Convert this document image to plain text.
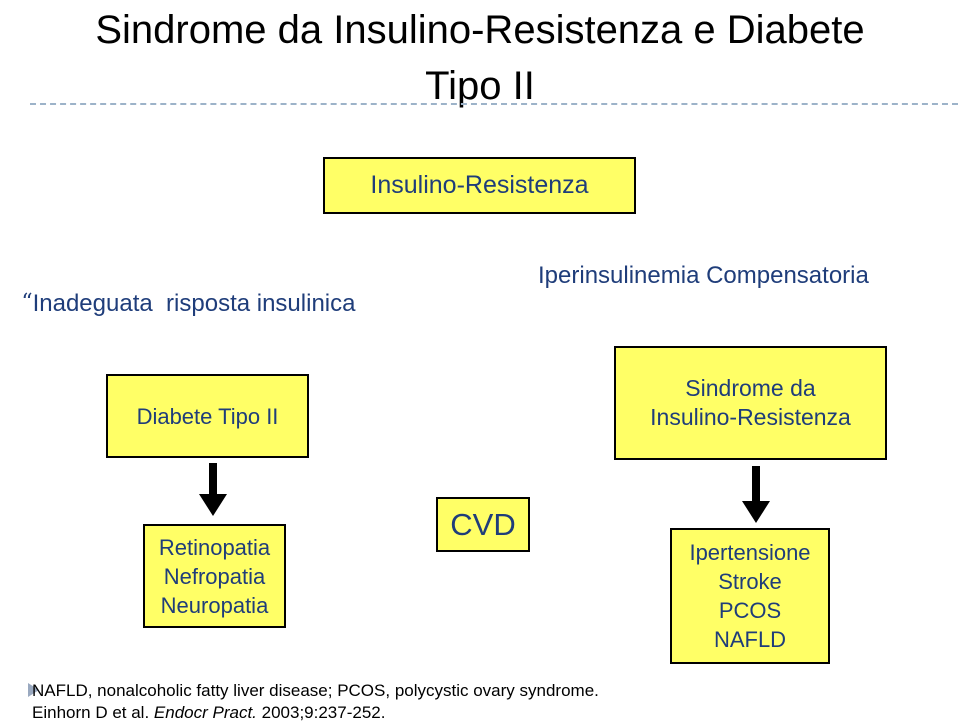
Sindrome da Insulino-Resistenza e Diabete
Tipo II
Insulino-Resistenza

“Inadeguata  risposta insulinica

Iperinsulinemia Compensatoria
Diabete Tipo II
Sindrome da
Insulino-Resistenza
Retinopatia
Nefropatia
Neuropatia
CVD
Ipertensione
Stroke
PCOS
NAFLD
NAFLD, nonalcoholic fatty liver disease; PCOS, polycystic ovary syndrome.
Einhorn D et al. Endocr Pract. 2003;9:237-252.
